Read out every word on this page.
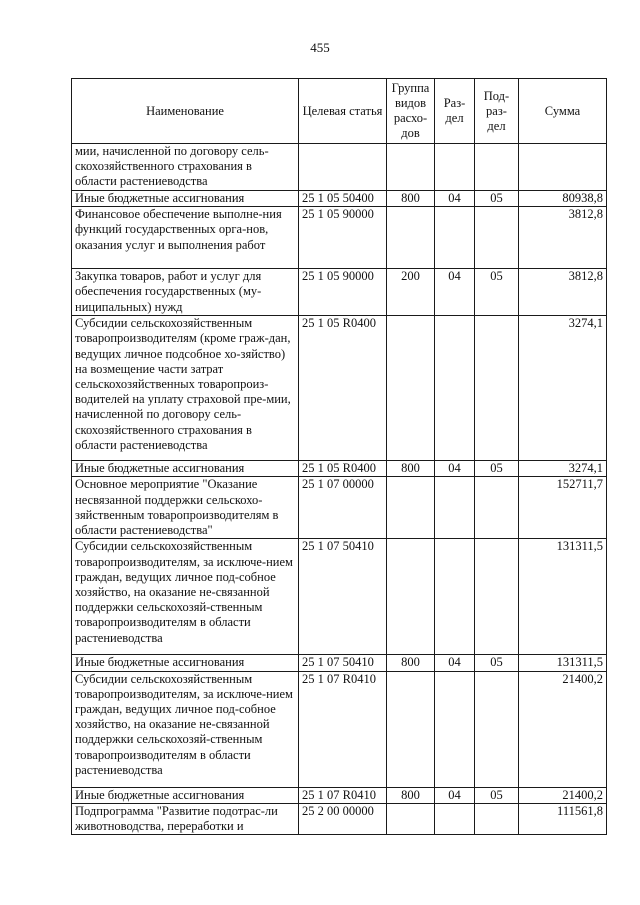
455
Наименование	Целевая статья	Группа видов расхо-дов	Раз-дел	Под-раз-дел	Сумма
мии, начисленной по договору сель-скохозяйственного страхования в области растениеводства					
Иные бюджетные ассигнования	25 1 05 50400	800	04	05	80938,8
Финансовое обеспечение выполне-ния функций государственных орга-нов, оказания услуг и выполнения работ	25 1 05 90000				3812,8
Закупка товаров, работ и услуг для обеспечения государственных (му-ниципальных) нужд	25 1 05 90000	200	04	05	3812,8
Субсидии сельскохозяйственным товаропроизводителям (кроме граж-дан, ведущих личное подсобное хо-зяйство) на возмещение части затрат сельскохозяйственных товаропроиз-водителей на уплату страховой пре-мии, начисленной по договору сель-скохозяйственного страхования в области растениеводства	25 1 05 R0400				3274,1
Иные бюджетные ассигнования	25 1 05 R0400	800	04	05	3274,1
Основное мероприятие "Оказание несвязанной поддержки сельскохо-зяйственным товаропроизводителям в области растениеводства"	25 1 07 00000				152711,7
Субсидии сельскохозяйственным товаропроизводителям, за исключе-нием граждан, ведущих личное под-собное хозяйство, на оказание не-связанной поддержки сельскохозяй-ственным товаропроизводителям в области растениеводства	25 1 07 50410				131311,5
Иные бюджетные ассигнования	25 1 07 50410	800	04	05	131311,5
Субсидии сельскохозяйственным товаропроизводителям, за исключе-нием граждан, ведущих личное под-собное хозяйство, на оказание не-связанной поддержки сельскохозяй-ственным товаропроизводителям в области растениеводства	25 1 07 R0410				21400,2
Иные бюджетные ассигнования	25 1 07 R0410	800	04	05	21400,2
Подпрограмма "Развитие подотрас-ли животноводства, переработки и	25 2 00 00000				111561,8
